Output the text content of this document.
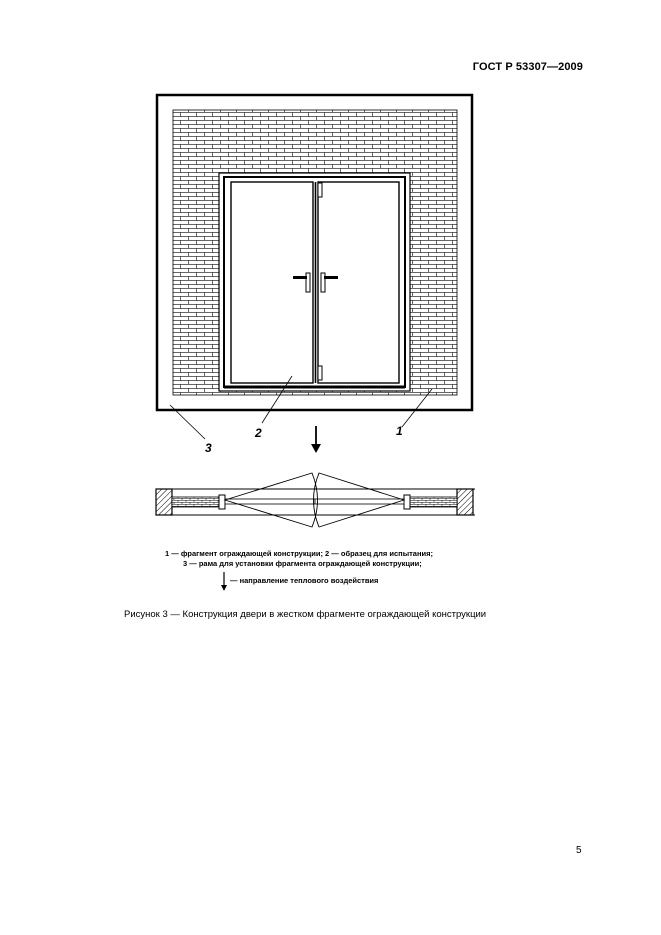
ГОСТ Р 53307—2009
3
2	1
1 — фрагмент ограждающей конструкции; 2 — образец для испытания;
3 — рама для установки фрагмента ограждающей конструкции;
— направление теплового воздействия
Рисунок 3 — Конструкция двери в жестком фрагменте ограждающей конструкции
5
